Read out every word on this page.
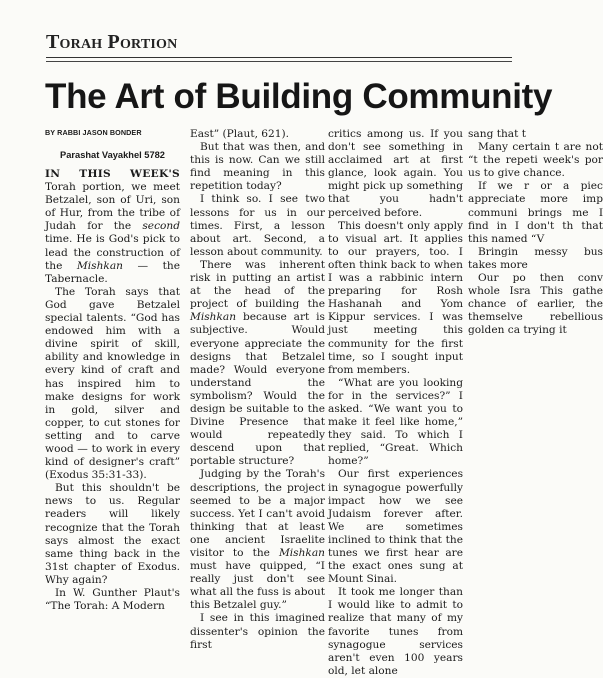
Torah Portion
The Art of Building Community
BY RABBI JASON BONDER
Parashat Vayakhel 5782

IN THIS WEEK'S Torah portion, we meet Betzalel, son of Uri, son of Hur, from the tribe of Judah for the second time. He is God's pick to lead the construction of the Mishkan — the Tabernacle.

The Torah says that God gave Betzalel special talents. “God has endowed him with a divine spirit of skill, ability and knowledge in every kind of craft and has inspired him to make designs for work in gold, silver and copper, to cut stones for setting and to carve wood — to work in every kind of designer's craft” (Exodus 35:31-33).

But this shouldn't be news to us. Regular readers will likely recognize that the Torah says almost the exact same thing back in the 31st chapter of Exodus. Why again?

In W. Gunther Plaut's “The Torah: A Modern

East” (Plaut, 621).

But that was then, and this is now. Can we still find meaning in this repetition today?

I think so. I see two lessons for us in our times. First, a lesson about art. Second, a lesson about community.

There was inherent risk in putting an artist at the head of the project of building the Mishkan because art is subjective. Would everyone appreciate the designs that Betzalel made? Would everyone understand the symbolism? Would the design be suitable to the Divine Presence that would repeatedly descend upon that portable structure?

Judging by the Torah's descriptions, the project seemed to be a major success. Yet I can't avoid thinking that at least one ancient Israelite visitor to the Mishkan must have quipped, “I really just don't see what all the fuss is about this Betzalel guy.”

I see in this imagined dissenter's opinion the first

critics among us. If you don't see something in acclaimed art at first glance, look again. You might pick up something that you hadn't perceived before.

This doesn't only apply to visual art. It applies to our prayers, too. I often think back to when I was a rabbinic intern preparing for Rosh Hashanah and Yom Kippur services. I was just meeting this community for the first time, so I sought input from members.

“What are you looking for in the services?” I asked. “We want you to make it feel like home,” they said. To which I replied, “Great. Which home?”

Our first experiences in synagogue powerfully impact how we see Judaism forever after. We are sometimes inclined to think that the tunes we first hear are the exact ones sung at Mount Sinai.

It took me longer than I would like to admit to realize that many of my favorite tunes from synagogue services aren't even 100 years old, let alone

sang that t

Many certain t are not “t the repeti week's por us to give chance.

If we r or a piec appreciate more imp communi brings me I find in I don't th that this named “V

Bringin messy bus takes more

Our po then conv whole Isra This gathe chance of earlier, the themselve rebellious golden ca trying it
